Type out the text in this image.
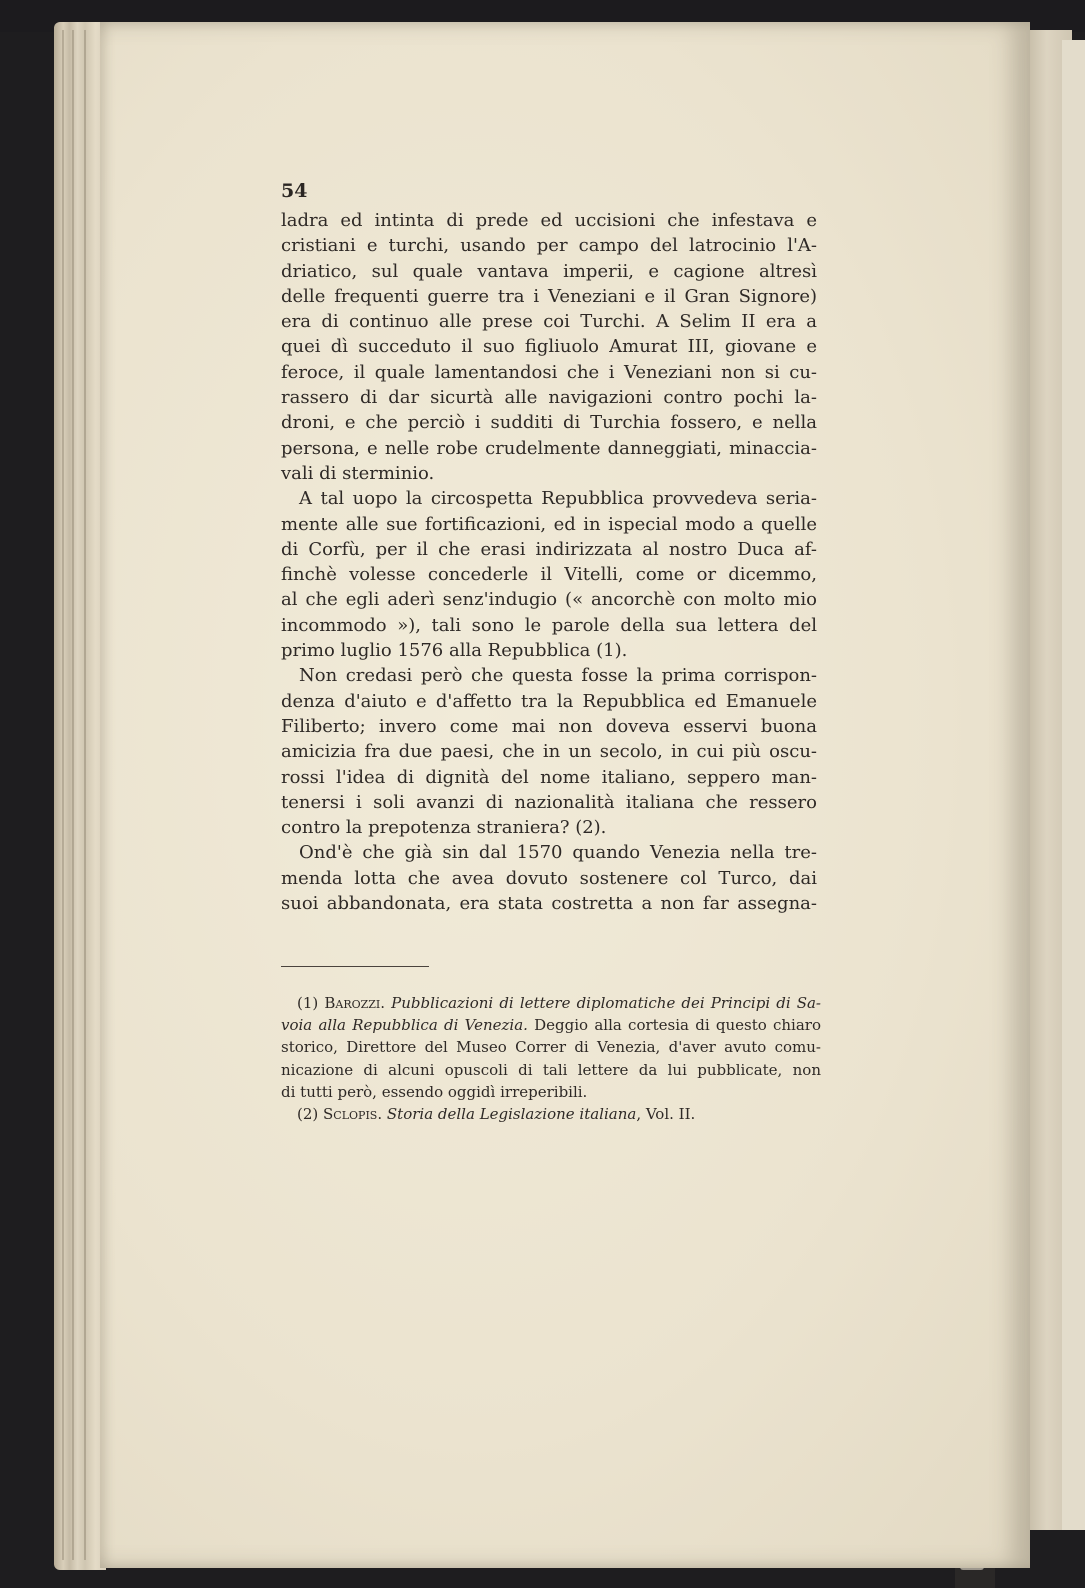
54
ladra ed intinta di prede ed uccisioni che infestava e
cristiani e turchi, usando per campo del latrocinio l'A-
driatico, sul quale vantava imperii, e cagione altresì
delle frequenti guerre tra i Veneziani e il Gran Signore)
era di continuo alle prese coi Turchi. A Selim II era a
quei dì succeduto il suo figliuolo Amurat III, giovane e
feroce, il quale lamentandosi che i Veneziani non si cu-
rassero di dar sicurtà alle navigazioni contro pochi la-
droni, e che perciò i sudditi di Turchia fossero, e nella
persona, e nelle robe crudelmente danneggiati, minaccia-
vali di sterminio.
A tal uopo la circospetta Repubblica provvedeva seria-
mente alle sue fortificazioni, ed in ispecial modo a quelle
di Corfù, per il che erasi indirizzata al nostro Duca af-
finchè volesse concederle il Vitelli, come or dicemmo,
al che egli aderì senz'indugio (« ancorchè con molto mio
incommodo »), tali sono le parole della sua lettera del
primo luglio 1576 alla Repubblica (1).
Non credasi però che questa fosse la prima corrispon-
denza d'aiuto e d'affetto tra la Repubblica ed Emanuele
Filiberto; invero come mai non doveva esservi buona
amicizia fra due paesi, che in un secolo, in cui più oscu-
rossi l'idea di dignità del nome italiano, seppero man-
tenersi i soli avanzi di nazionalità italiana che ressero
contro la prepotenza straniera? (2).
Ond'è che già sin dal 1570 quando Venezia nella tre-
menda lotta che avea dovuto sostenere col Turco, dai
suoi abbandonata, era stata costretta a non far assegna-
(1) Barozzi. Pubblicazioni di lettere diplomatiche dei Principi di Sa-
voia alla Repubblica di Venezia. Deggio alla cortesia di questo chiaro
storico, Direttore del Museo Correr di Venezia, d'aver avuto comu-
nicazione di alcuni opuscoli di tali lettere da lui pubblicate, non
di tutti però, essendo oggidì irreperibili.
(2) Sclopis. Storia della Legislazione italiana, Vol. II.
